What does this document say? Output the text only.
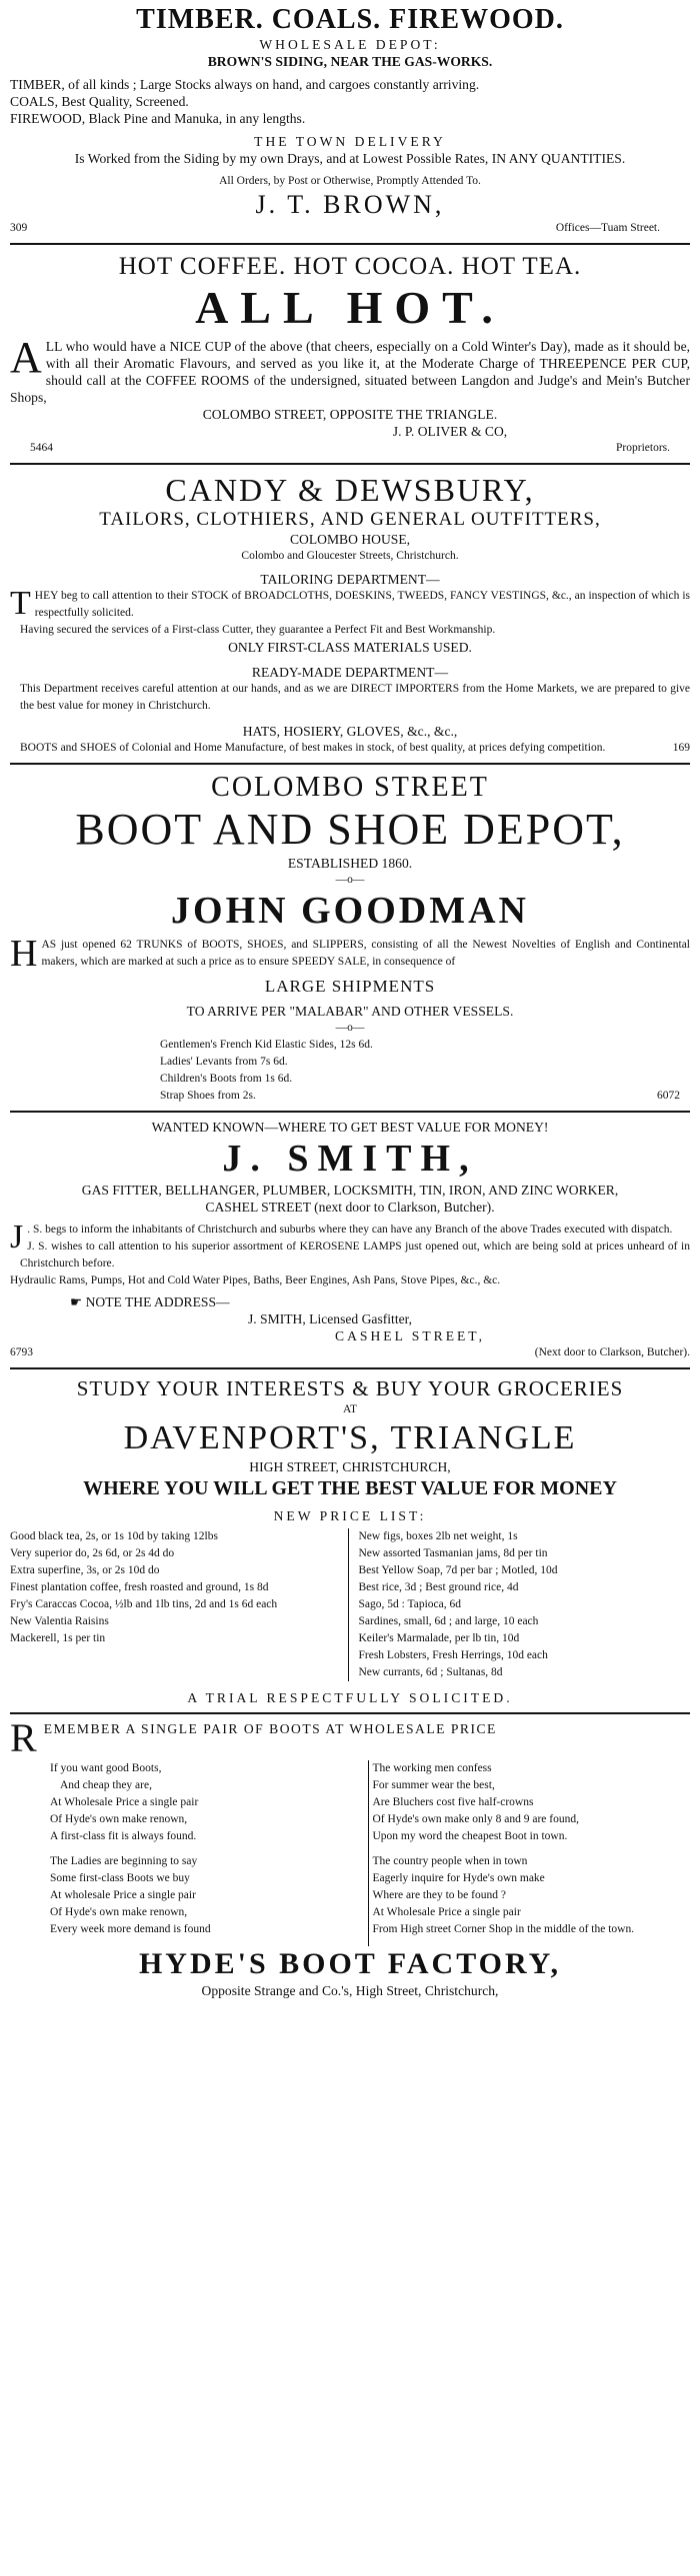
TIMBER. COALS. FIREWOOD.
WHOLESALE DEPOT:
BROWN'S SIDING, NEAR THE GAS-WORKS.
TIMBER, of all kinds ; Large Stocks always on hand, and cargoes constantly arriving.
COALS, Best Quality, Screened.
FIREWOOD, Black Pine and Manuka, in any lengths.
THE TOWN DELIVERY
Is Worked from the Siding by my own Drays, and at Lowest Possible Rates, IN ANY QUANTITIES.
All Orders, by Post or Otherwise, Promptly Attended To.
J. T. BROWN,
309	Offices—Tuam Street.
HOT COFFEE. HOT COCOA. HOT TEA.
ALL HOT.
ALL who would have a NICE CUP of the above (that cheers, especially on a Cold Winter's Day), made as it should be, with all their Aromatic Flavours, and served as you like it, at the Moderate Charge of THREEPENCE PER CUP, should call at the COFFEE ROOMS of the undersigned, situated between Langdon and Judge's and Mein's Butcher Shops,
COLOMBO STREET, OPPOSITE THE TRIANGLE.
J. P. OLIVER & CO,
5464	Proprietors.
CANDY & DEWSBURY,
TAILORS, CLOTHIERS, AND GENERAL OUTFITTERS,
COLOMBO HOUSE,
Colombo and Gloucester Streets, Christchurch.
TAILORING DEPARTMENT—
THEY beg to call attention to their STOCK of BROADCLOTHS, DOESKINS, TWEEDS, FANCY VESTINGS, &c., an inspection of which is respectfully solicited.
Having secured the services of a First-class Cutter, they guarantee a Perfect Fit and Best Workmanship.
ONLY FIRST-CLASS MATERIALS USED.
READY-MADE DEPARTMENT—
This Department receives careful attention at our hands, and as we are DIRECT IMPORTERS from the Home Markets, we are prepared to give the best value for money in Christchurch.
HATS, HOSIERY, GLOVES, &c., &c.,
BOOTS and SHOES of Colonial and Home Manufacture, of best makes in stock, of best quality, at prices defying competition.	169
COLOMBO STREET
BOOT AND SHOE DEPOT,
ESTABLISHED 1860.
—o—
JOHN GOODMAN
HAS just opened 62 TRUNKS of BOOTS, SHOES, and SLIPPERS, consisting of all the Newest Novelties of English and Continental makers, which are marked at such a price as to ensure SPEEDY SALE, in consequence of
LARGE SHIPMENTS
TO ARRIVE PER "MALABAR" AND OTHER VESSELS.
—o—
Gentlemen's French Kid Elastic Sides, 12s 6d.
Ladies' Levants from 7s 6d.
Children's Boots from 1s 6d.
Strap Shoes from 2s.	6072
WANTED KNOWN—WHERE TO GET BEST VALUE FOR MONEY!
J. SMITH,
GAS FITTER, BELLHANGER, PLUMBER, LOCKSMITH, TIN, IRON, AND ZINC WORKER,
CASHEL STREET (next door to Clarkson, Butcher).
J . S. begs to inform the inhabitants of Christchurch and suburbs where they can have any Branch of the above Trades executed with dispatch.
J. S. wishes to call attention to his superior assortment of KEROSENE LAMPS just opened out, which are being sold at prices unheard of in Christchurch before.
Hydraulic Rams, Pumps, Hot and Cold Water Pipes, Baths, Beer Engines, Ash Pans, Stove Pipes, &c., &c.
☛ NOTE THE ADDRESS—
J. SMITH, Licensed Gasfitter,
CASHEL STREET,
6793	(Next door to Clarkson, Butcher).
STUDY YOUR INTERESTS & BUY YOUR GROCERIES
AT
DAVENPORT'S, TRIANGLE
HIGH STREET, CHRISTCHURCH,
WHERE YOU WILL GET THE BEST VALUE FOR MONEY
NEW PRICE LIST:
Good black tea, 2s, or 1s 10d by taking 12lbs
Very superior do, 2s 6d, or 2s 4d do
Extra superfine, 3s, or 2s 10d do
Finest plantation coffee, fresh roasted and ground, 1s 8d
Fry's Caraccas Cocoa, ½lb and 1lb tins, 2d and 1s 6d each
New Valentia Raisins
Mackerell, 1s per tin
New figs, boxes 2lb net weight, 1s
New assorted Tasmanian jams, 8d per tin
Best Yellow Soap, 7d per bar ; Motled, 10d
Best rice, 3d ; Best ground rice, 4d
Sago, 5d : Tapioca, 6d
Sardines, small, 6d ; and large, 10 each
Keiler's Marmalade, per lb tin, 10d
Fresh Lobsters, Fresh Herrings, 10d each
New currants, 6d ; Sultanas, 8d
A TRIAL RESPECTFULLY SOLICITED.
REMEMBER A SINGLE PAIR OF BOOTS AT WHOLESALE PRICE
If you want good Boots,
And cheap they are,
At Wholesale Price a single pair
Of Hyde's own make renown,
A first-class fit is always found.
The Ladies are beginning to say
Some first-class Boots we buy
At wholesale Price a single pair
Of Hyde's own make renown,
Every week more demand is found
The working men confess
For summer wear the best,
Are Bluchers cost five half-crowns
Of Hyde's own make only 8 and 9 are found,
Upon my word the cheapest Boot in town.
The country people when in town
Eagerly inquire for Hyde's own make
Where are they to be found ?
At Wholesale Price a single pair
From High street Corner Shop in the middle of the town.
HYDE'S BOOT FACTORY,
Opposite Strange and Co.'s, High Street, Christchurch,
